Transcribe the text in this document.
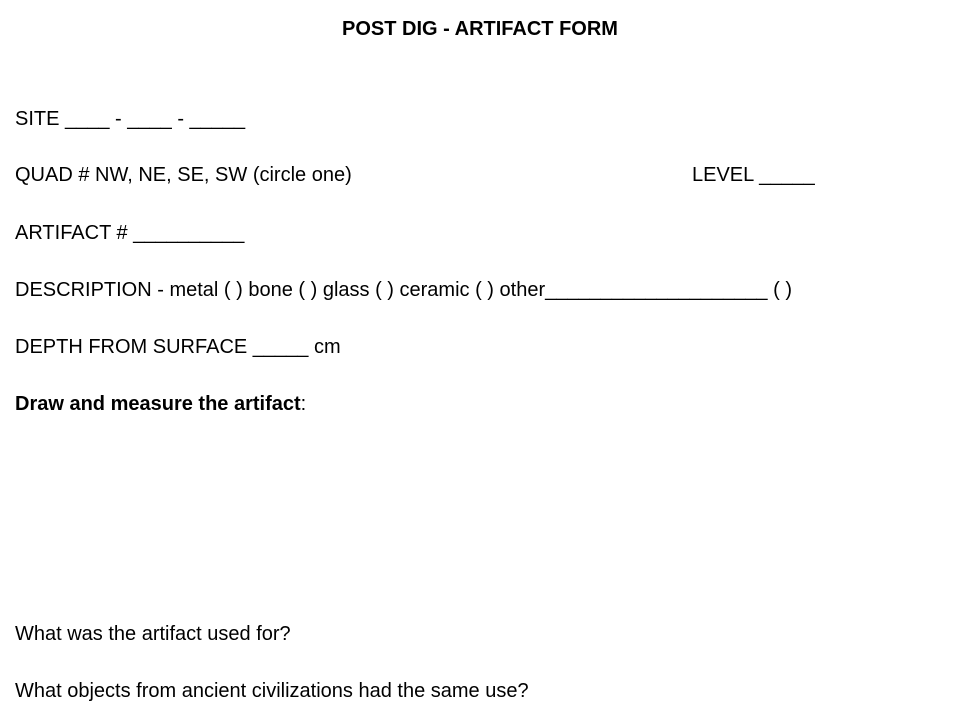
POST DIG - ARTIFACT FORM

SITE ____ - ____ - _____

QUAD # NW, NE, SE, SW (circle one)	LEVEL _____

ARTIFACT # __________

DESCRIPTION - metal ( ) bone ( ) glass ( ) ceramic ( ) other____________________ ( )

DEPTH FROM SURFACE _____ cm

Draw and measure the artifact:

What was the artifact used for?

What objects from ancient civilizations had the same use?
